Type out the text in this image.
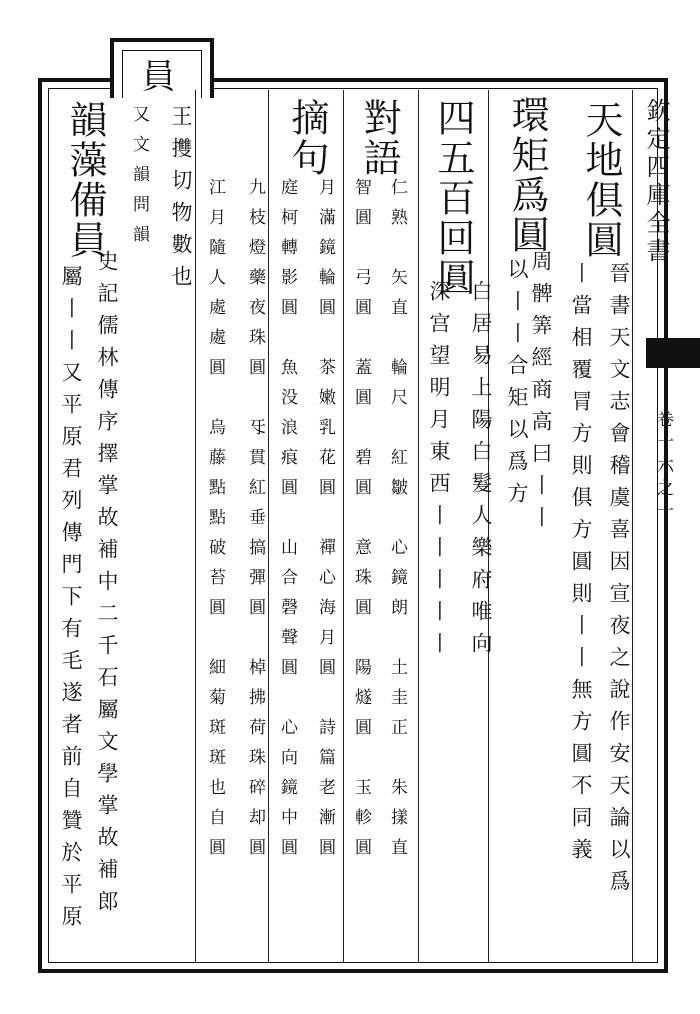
欽定四庫全書
卷十六之十
員
天地俱圓
晉書天文志會稽虞喜因宣夜之說作安天論以爲
丨當相覆冐方則俱方圓則丨丨無方圓不同義
環矩爲圓
周髀筭經商高曰丨丨
以丨丨合矩以爲方
四五百回圓
白居易上陽白髮人樂府唯向
深宫望明月東西丨丨丨丨丨
對語
仁熟　矢直　輪尺　紅皺　心鏡朗　土圭正　朱㨾直
智圓　弓圓　蓋圓　碧圓　意珠圓　陽燧圓　玉軫圓
摘句
月滿鏡輪圓　茶嫩乳花圓　禪心海月圓　詩篇老漸圓
庭柯轉影圓　魚没浪痕圓　山合磬聲圓　心向鏡中圓
九枝燈藥夜珠圓　㸦貫紅垂搞彈圓　棹拂荷珠碎却圓
江月隨人處處圓　烏藤點點破苔圓　細菊斑斑也自圓
王㩳切物數也
又文韻問韻
韻藻備員
史記儒林傳序擇掌故補中二千石屬文學掌故補郎
屬丨丨又平原君列傳門下有毛遂者前自贊於平原
